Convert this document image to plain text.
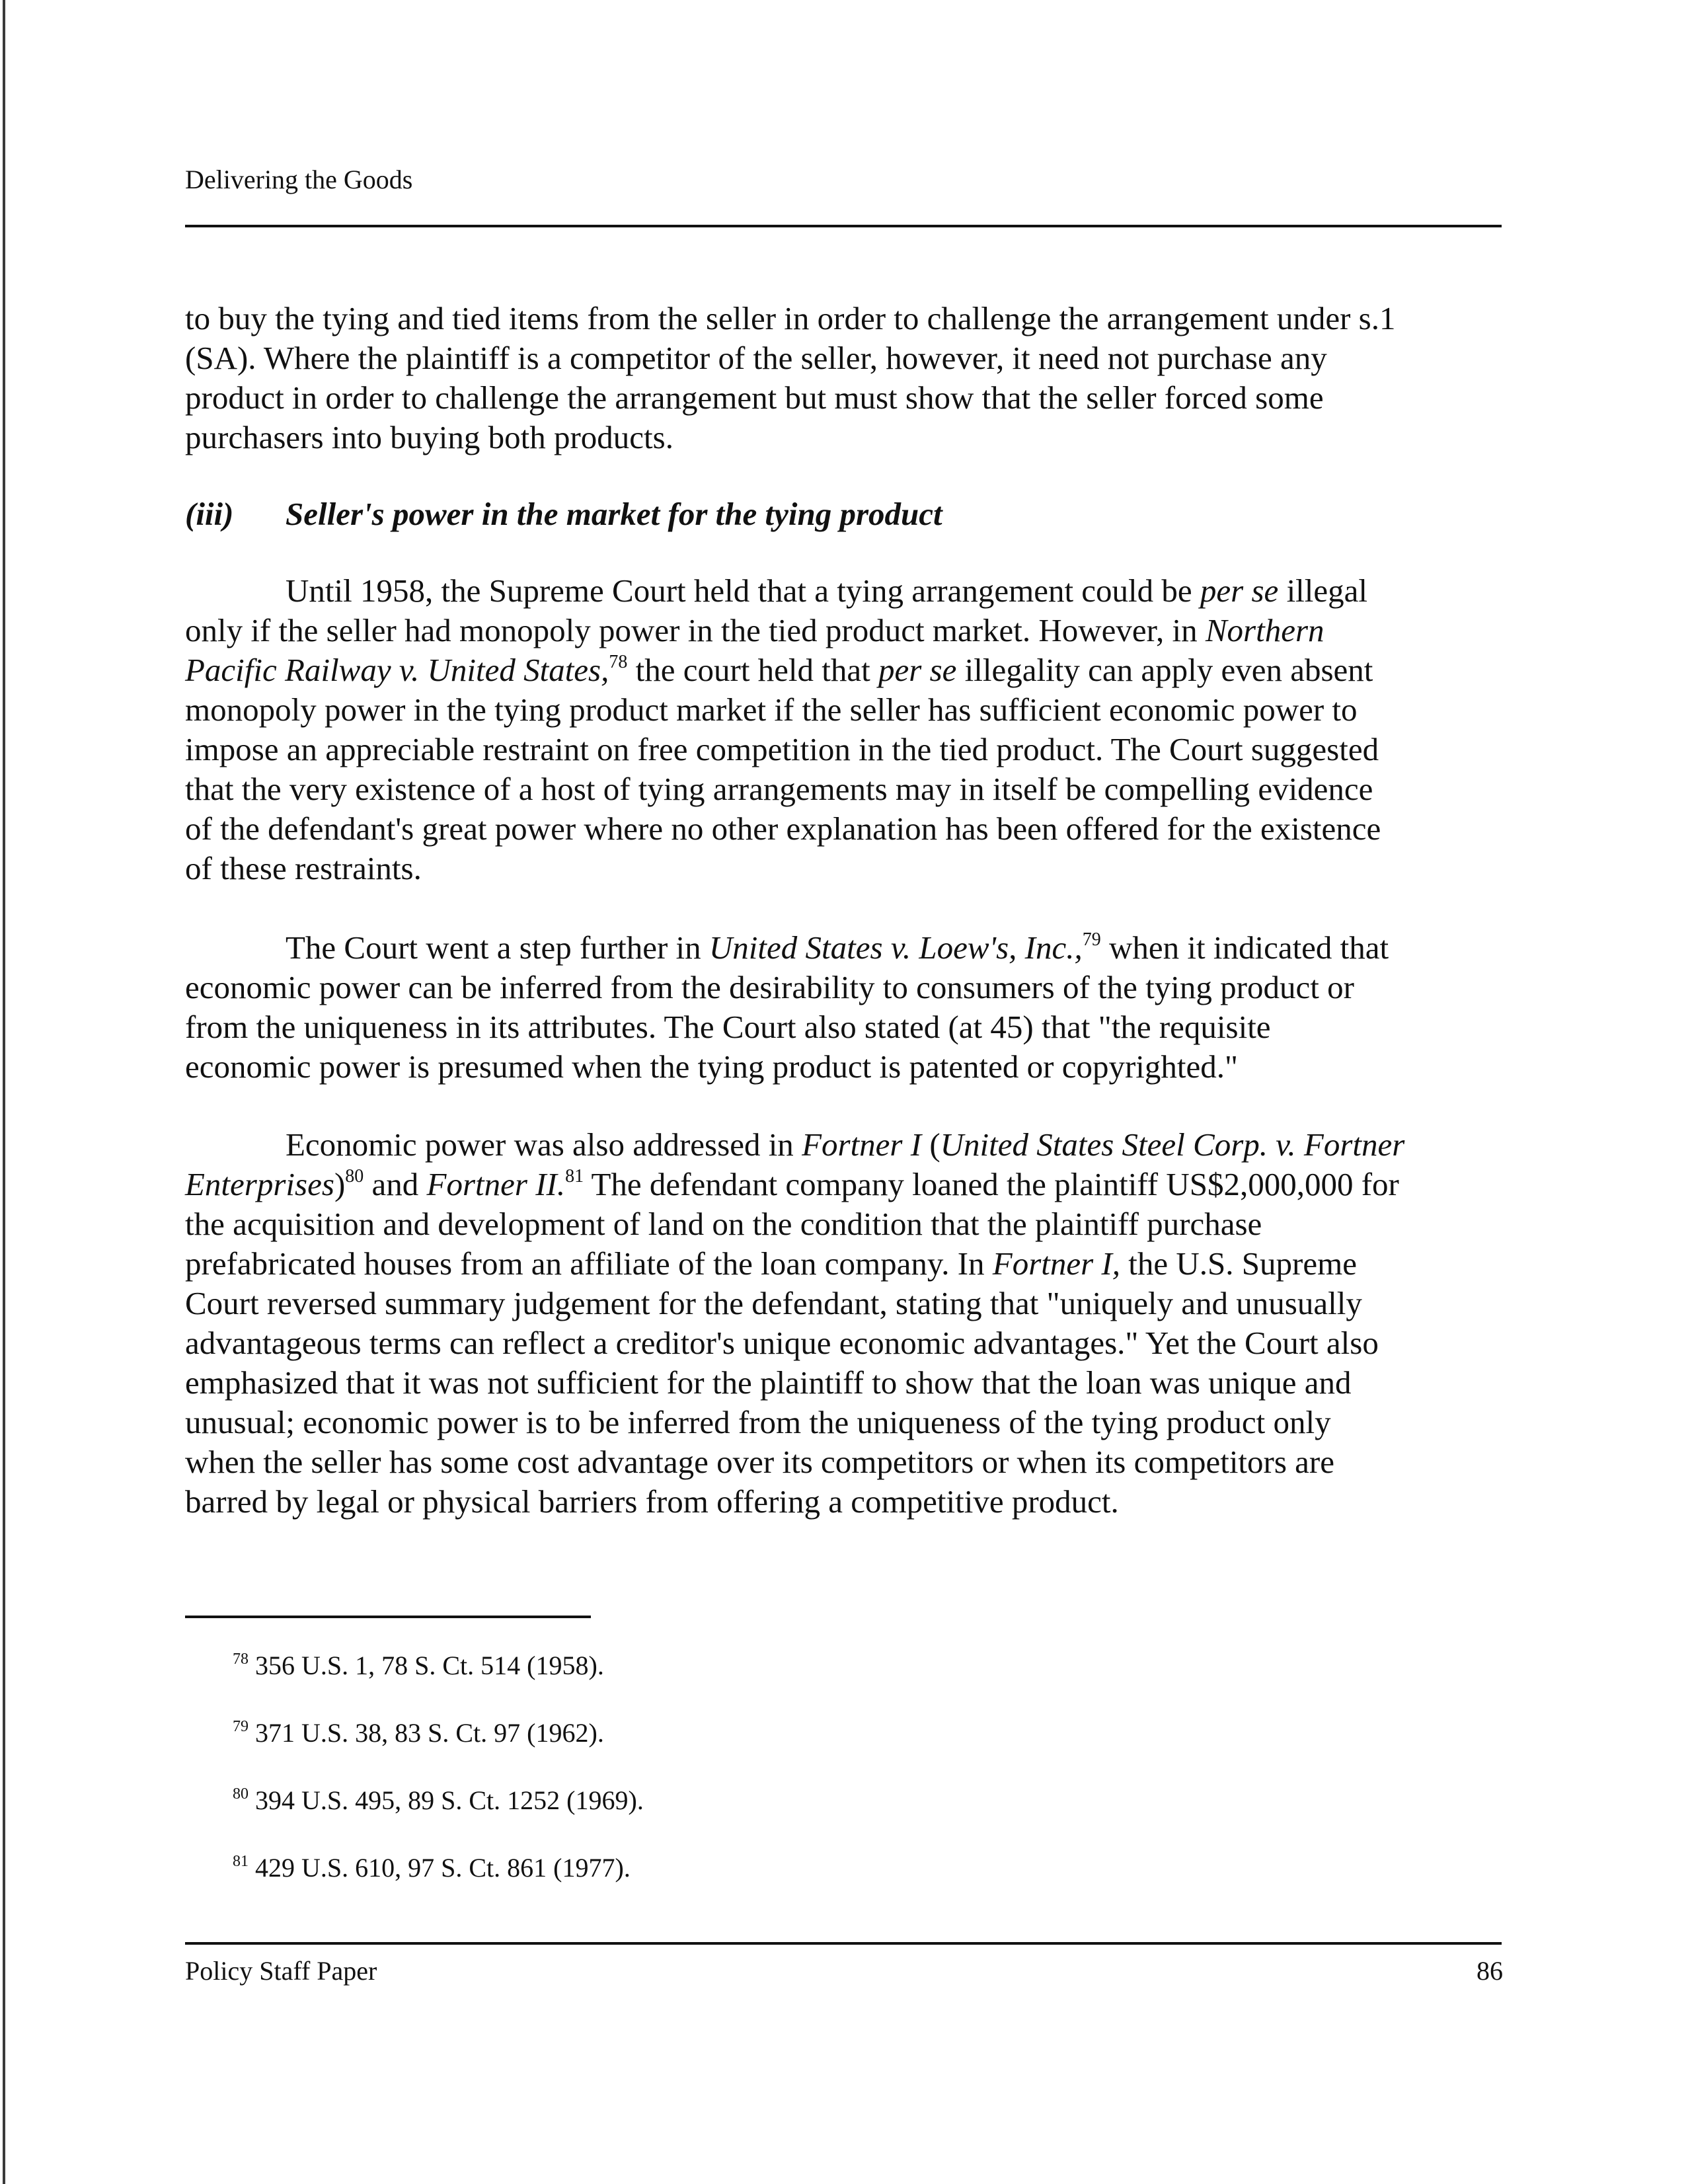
Delivering the Goods
to buy the tying and tied items from the seller in order to challenge the arrangement under s.1
(SA). Where the plaintiff is a competitor of the seller, however, it need not purchase any
product in order to challenge the arrangement but must show that the seller forced some
purchasers into buying both products.
(iii) Seller's power in the market for the tying product
Until 1958, the Supreme Court held that a tying arrangement could be per se illegal
only if the seller had monopoly power in the tied product market. However, in Northern
Pacific Railway v. United States,$^{78}$ the court held that per se illegality can apply even absent
monopoly power in the tying product market if the seller has sufficient economic power to
impose an appreciable restraint on free competition in the tied product. The Court suggested
that the very existence of a host of tying arrangements may in itself be compelling evidence
of the defendant's great power where no other explanation has been offered for the existence
of these restraints.
The Court went a step further in United States v. Loew's, Inc.,$^{79}$ when it indicated that
economic power can be inferred from the desirability to consumers of the tying product or
from the uniqueness in its attributes. The Court also stated (at 45) that "the requisite
economic power is presumed when the tying product is patented or copyrighted."
Economic power was also addressed in Fortner I (United States Steel Corp. v. Fortner
Enterprises)$^{80}$ and Fortner II.$^{81}$ The defendant company loaned the plaintiff US$2,000,000 for
the acquisition and development of land on the condition that the plaintiff purchase
prefabricated houses from an affiliate of the loan company. In Fortner I, the U.S. Supreme
Court reversed summary judgement for the defendant, stating that "uniquely and unusually
advantageous terms can reflect a creditor's unique economic advantages." Yet the Court also
emphasized that it was not sufficient for the plaintiff to show that the loan was unique and
unusual; economic power is to be inferred from the uniqueness of the tying product only
when the seller has some cost advantage over its competitors or when its competitors are
barred by legal or physical barriers from offering a competitive product.
$^{78}$ 356 U.S. 1, 78 S. Ct. 514 (1958).
$^{79}$ 371 U.S. 38, 83 S. Ct. 97 (1962).
$^{80}$ 394 U.S. 495, 89 S. Ct. 1252 (1969).
$^{81}$ 429 U.S. 610, 97 S. Ct. 861 (1977).
Policy Staff Paper	86
